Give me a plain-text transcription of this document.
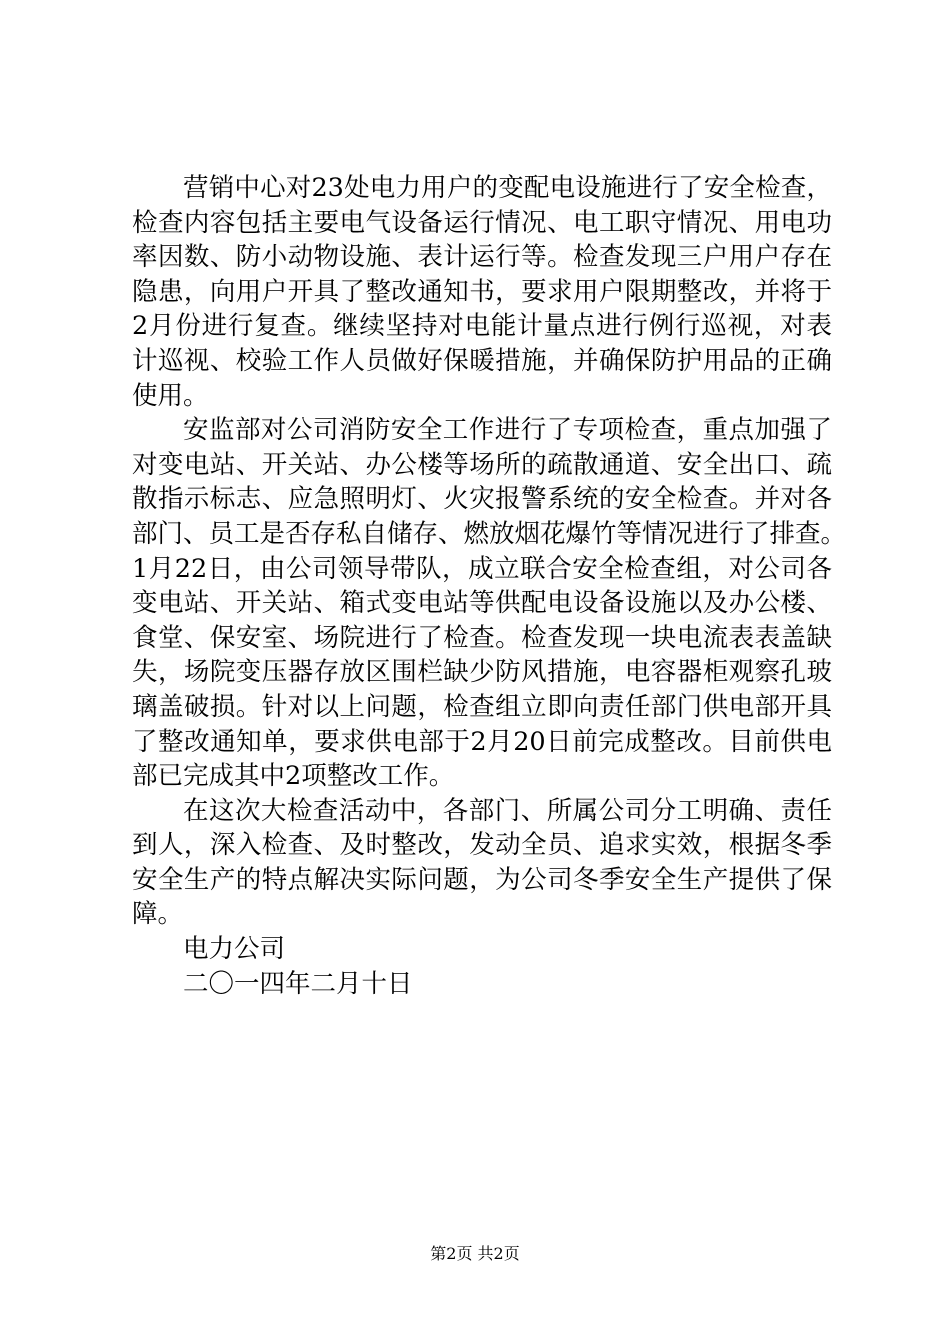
营销中心对23处电力用户的变配电设施进行了安全检查，
检查内容包括主要电气设备运行情况、电工职守情况、用电功
率因数、防小动物设施、表计运行等。检查发现三户用户存在
隐患，向用户开具了整改通知书，要求用户限期整改，并将于
2月份进行复查。继续坚持对电能计量点进行例行巡视，对表
计巡视、校验工作人员做好保暖措施，并确保防护用品的正确
使用。
安监部对公司消防安全工作进行了专项检查，重点加强了
对变电站、开关站、办公楼等场所的疏散通道、安全出口、疏
散指示标志、应急照明灯、火灾报警系统的安全检查。并对各
部门、员工是否存私自储存、燃放烟花爆竹等情况进行了排查。
1月22日，由公司领导带队，成立联合安全检查组，对公司各
变电站、开关站、箱式变电站等供配电设备设施以及办公楼、
食堂、保安室、场院进行了检查。检查发现一块电流表表盖缺
失，场院变压器存放区围栏缺少防风措施，电容器柜观察孔玻
璃盖破损。针对以上问题，检查组立即向责任部门供电部开具
了整改通知单，要求供电部于2月20日前完成整改。目前供电
部已完成其中2项整改工作。
在这次大检查活动中，各部门、所属公司分工明确、责任
到人，深入检查、及时整改，发动全员、追求实效，根据冬季
安全生产的特点解决实际问题，为公司冬季安全生产提供了保
障。
电力公司
二〇一四年二月十日
第2页 共2页
